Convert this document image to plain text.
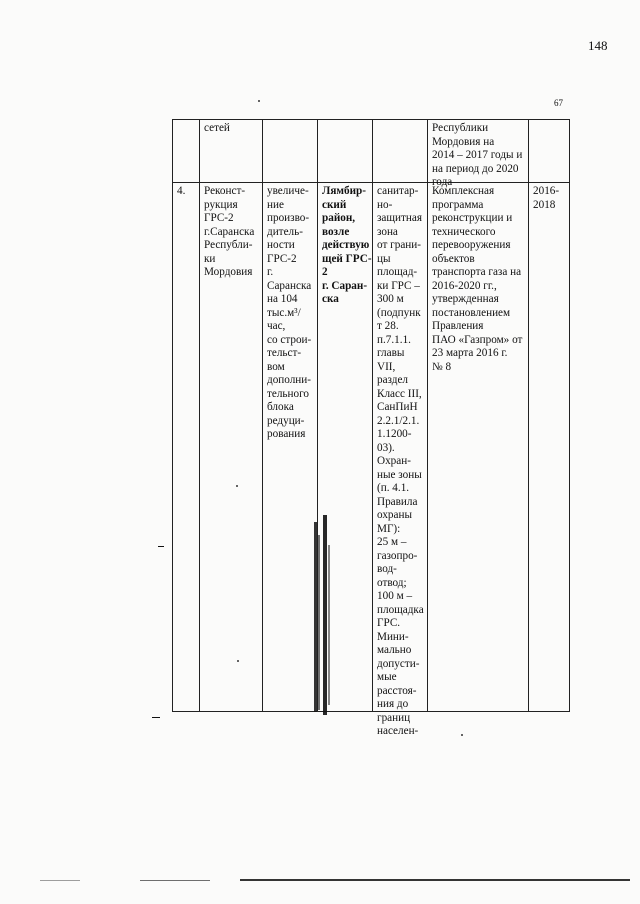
148
67
сетей	Республики
Мордовия на
2014 – 2017 годы и
на период до 2020
года
4.	Реконст-
рукция
ГРС-2
г.Саранска
Республи-
ки
Мордовия
увеличе-
ние
произво-
дитель-
ности
ГРС-2
г.
Саранска
на 104
тыс.м³/
час,
со строи-
тельст-
вом
дополни-
тельного
блока
редуци-
рования
Лямбир-
ский
район,
возле
действую
щей ГРС-
2
г. Саран-
ска
санитар-
но-
защитная
зона
от грани-
цы
площад-
ки ГРС –
300 м
(подпунк
т 28.
п.7.1.1.
главы
VII,
раздел
Класс III,
СанПиН
2.2.1/2.1.
1.1200-
03).
Охран-
ные зоны
(п. 4.1.
Правила
охраны
МГ):
25 м –
газопро-
вод-
отвод;
100 м –
площадка
ГРС.
Мини-
мально
допусти-
мые
расстоя-
ния до
границ
населен-
Комплексная
программа
реконструкции и
технического
перевооружения
объектов
транспорта газа на
2016-2020 гг.,
утвержденная
постановлением
Правления
ПАО «Газпром» от
23 марта 2016 г.
№ 8
2016-
2018
